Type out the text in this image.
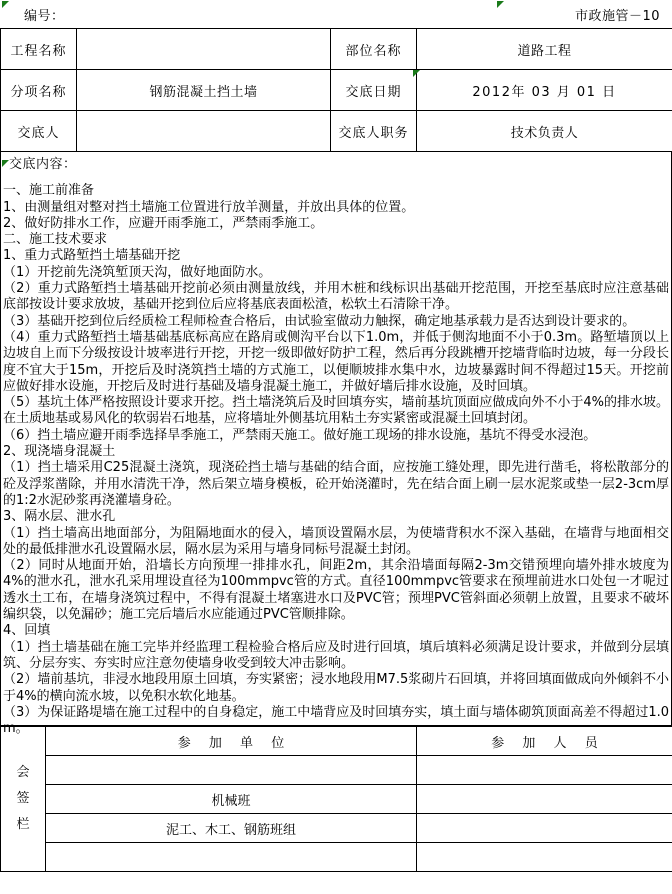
编号：	市政施管－10
工程名称		部位名称	道路工程
分项名称	钢筋混凝土挡土墙	交底日期	2012年 03 月 01 日
交底人		交底人职务	技术负责人
交底内容：

一、施工前准备

1、由测量组对整对挡土墙施工位置进行放羊测量，并放出具体的位置。

2、做好防排水工作，应避开雨季施工，严禁雨季施工。

二、施工技术要求

1、重力式路堑挡土墙基础开挖

（1）开挖前先浇筑堑顶天沟，做好地面防水。

（2）重力式路堑挡土墙基础开挖前必须由测量放线，并用木桩和线标识出基础开挖范围，开挖至基底时应注意基础底部按设计要求放坡，基础开挖到位后应将基底表面松渣，松软土石清除干净。

（3）基础开挖到位后经质检工程师检查合格后，由试验室做动力触探，确定地基承载力是否达到设计要求的。

（4）重力式路堑挡土墙基础基底标高应在路肩或侧沟平台以下1.0m，并低于侧沟地面不小于0.3m。路堑墙顶以上边坡自上而下分级按设计坡率进行开挖，开挖一级即做好防护工程，然后再分段跳槽开挖墙背临时边坡，每一分段长度不宜大于15m，开挖后及时浇筑挡土墙的方式施工，以便顺坡排水集中水，边坡暴露时间不得超过15天。开挖前应做好排水设施，开挖后及时进行基础及墙身混凝土施工，并做好墙后排水设施，及时回填。

（5）基坑土体严格按照设计要求开挖。挡土墙浇筑后及时回填夯实，墙前基坑顶面应做成向外不小于4%的排水坡。在土质地基或易风化的软弱岩石地基，应将墙址外侧基坑用粘土夯实紧密或混凝土回填封闭。

（6）挡土墙应避开雨季选择旱季施工，严禁雨天施工。做好施工现场的排水设施，基坑不得受水浸泡。

2、现浇墙身混凝土

（1）挡土墙采用C25混凝土浇筑，现浇砼挡土墙与基础的结合面，应按施工缝处理，即先进行凿毛，将松散部分的砼及浮浆凿除，并用水清洗干净，然后架立墙身模板，砼开始浇灌时，先在结合面上刷一层水泥浆或垫一层2-3cm厚的1:2水泥砂浆再浇灌墙身砼。

3、隔水层、泄水孔

（1）挡土墙高出地面部分，为阻隔地面水的侵入，墙顶设置隔水层，为使墙背积水不深入基础，在墙背与地面相交处的最低排泄水孔设置隔水层，隔水层为采用与墙身同标号混凝土封闭。

（2）同时从地面开始，沿墙长方向预埋一排排水孔，间距2m，其余沿墙面每隔2-3m交错预埋向墙外排水坡度为4%的泄水孔，泄水孔采用埋设直径为100mmpvc管的方式。直径100mmpvc管要求在预埋前进水口处包一才呢过透水土工布，在墙身浇筑过程中，不得有混凝土堵塞进水口及PVC管；预埋PVC管斜面必须朝上放置，且要求不破坏编织袋，以免漏砂；施工完后墙后水应能通过PVC管顺排除。

4、回填

（1）挡土墙基础在施工完毕并经监理工程检验合格后应及时进行回填，填后填料必须满足设计要求，并做到分层填筑、分层夯实、夯实时应注意勿使墙身收受到较大冲击影响。

（2）墙前基坑，非浸水地段用原土回填，夯实紧密；浸水地段用M7.5浆砌片石回填，并将回填面做成向外倾斜不小于4%的横向流水坡，以免积水软化地基。

（3）为保证路堤墙在施工过程中的自身稳定，施工中墙背应及时回填夯实，填土面与墙体砌筑顶面高差不得超过1.0m。

会
签
栏	参 加 单 位	参 加 人 员

	机械班	
	泥工、木工、钢筋班组	
